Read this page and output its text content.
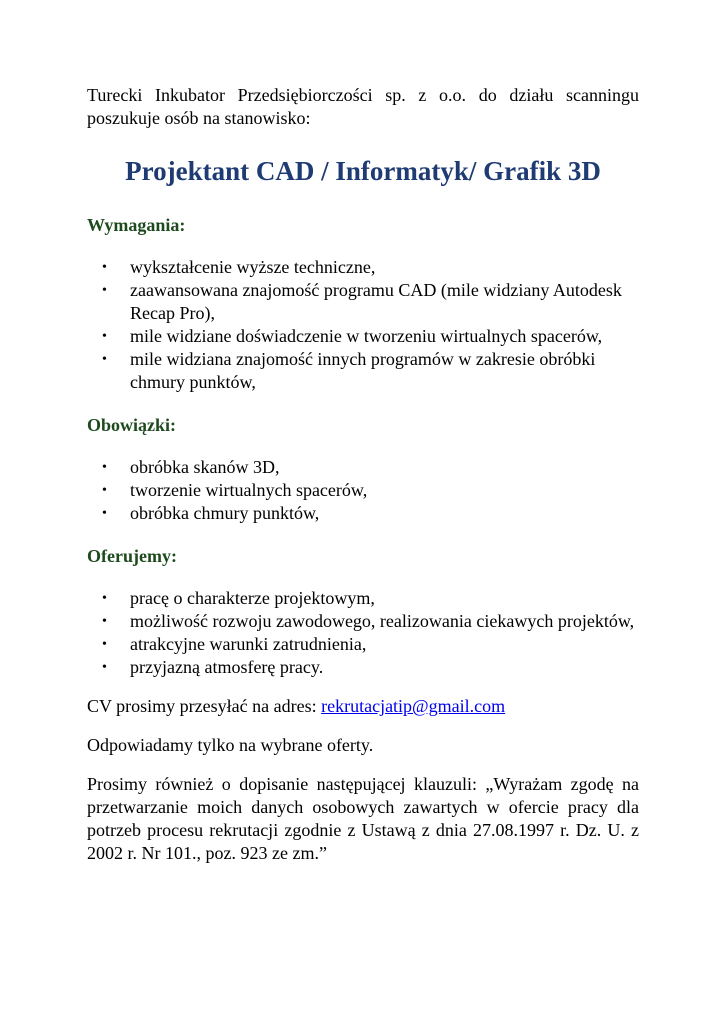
Turecki Inkubator Przedsiębiorczości sp. z o.o. do działu scanningu poszukuje osób na stanowisko:

Projektant CAD / Informatyk/ Grafik 3D

Wymagania:

• wykształcenie wyższe techniczne,
• zaawansowana znajomość programu CAD (mile widziany Autodesk Recap Pro),
• mile widziane doświadczenie w tworzeniu wirtualnych spacerów,
• mile widziana znajomość innych programów w zakresie obróbki chmury punktów,

Obowiązki:

• obróbka skanów 3D,
• tworzenie wirtualnych spacerów,
• obróbka chmury punktów,

Oferujemy:

• pracę o charakterze projektowym,
• możliwość rozwoju zawodowego, realizowania ciekawych projektów,
• atrakcyjne warunki zatrudnienia,
• przyjazną atmosferę pracy.

CV prosimy przesyłać na adres: rekrutacjatip@gmail.com

Odpowiadamy tylko na wybrane oferty.

Prosimy również o dopisanie następującej klauzuli: „Wyrażam zgodę na przetwarzanie moich danych osobowych zawartych w ofercie pracy dla potrzeb procesu rekrutacji zgodnie z Ustawą z dnia 27.08.1997 r. Dz. U. z 2002 r. Nr 101., poz. 923 ze zm.”
